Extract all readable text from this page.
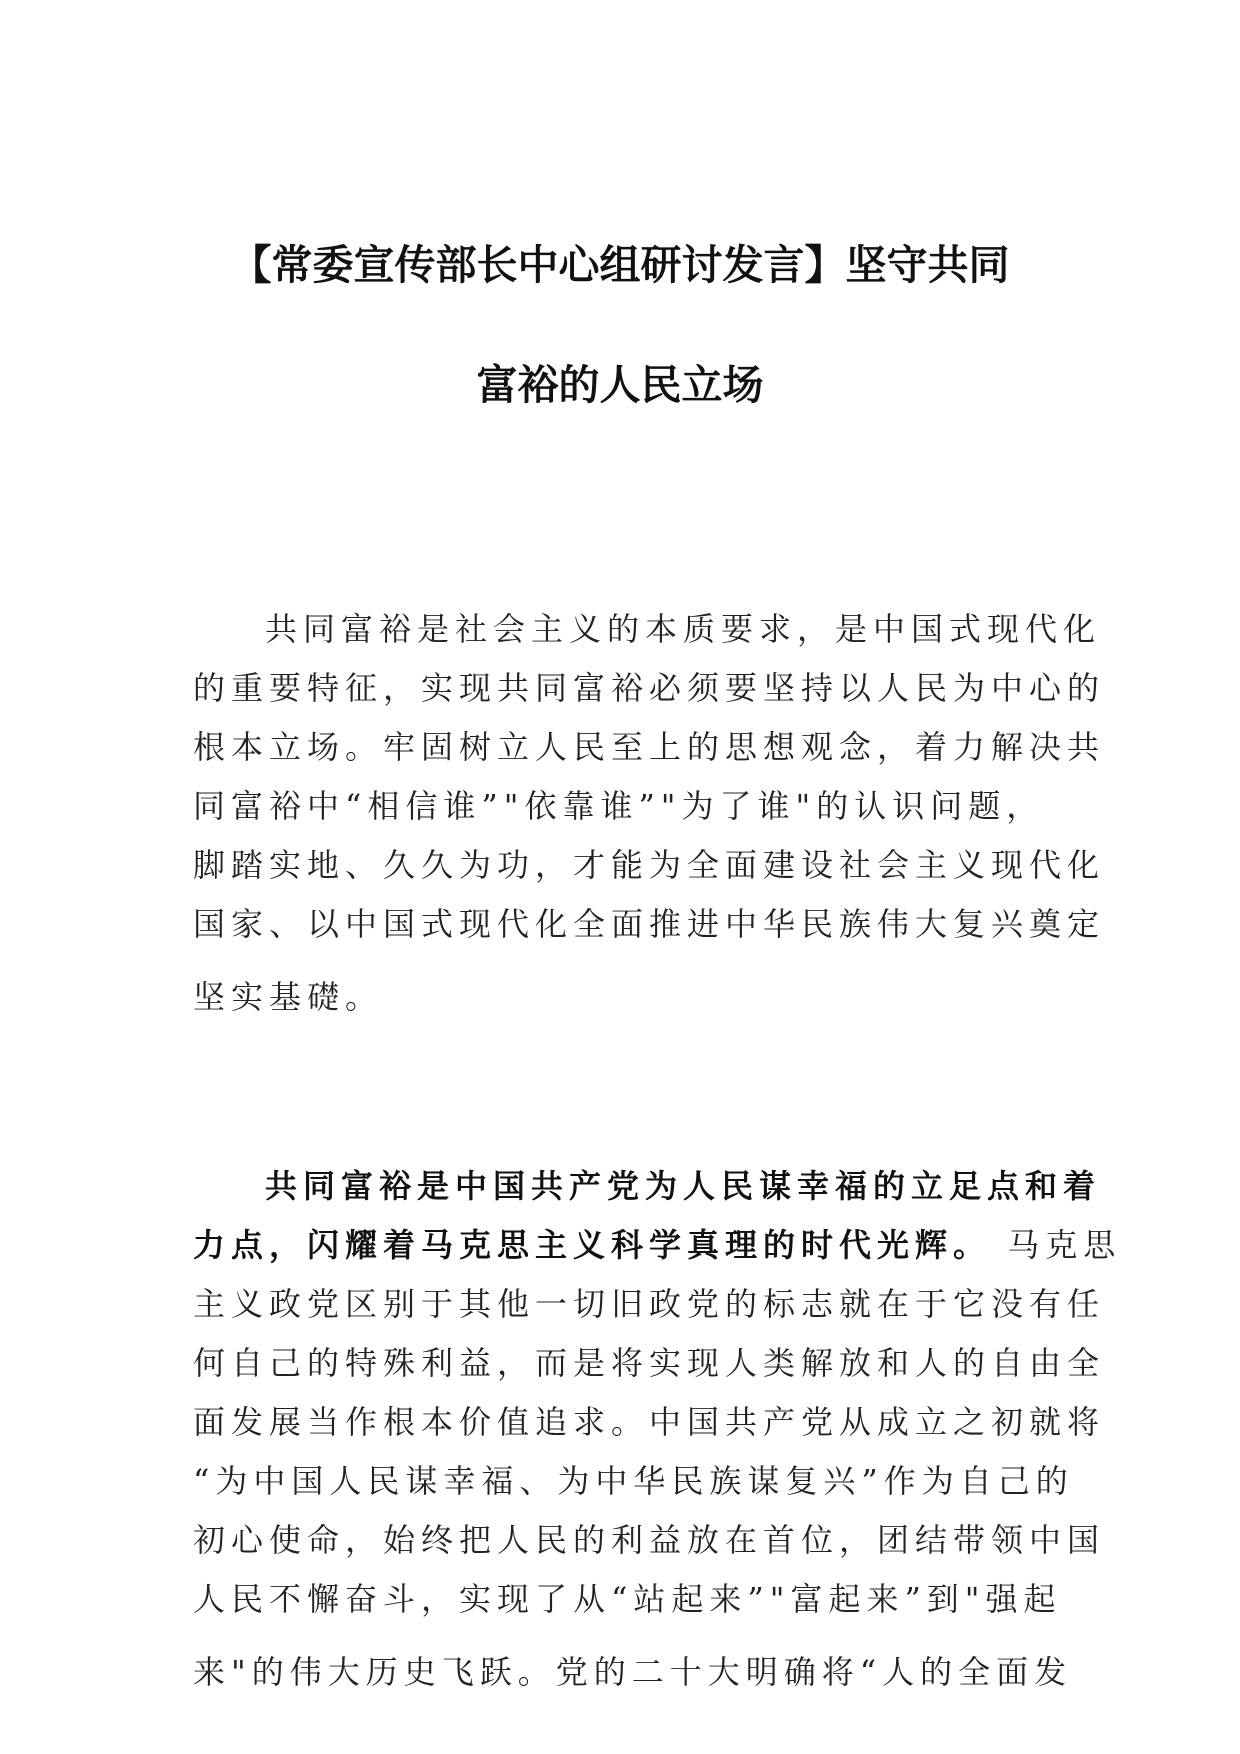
【常委宣传部长中心组研讨发言】坚守共同
富裕的人民立场
共同富裕是社会主义的本质要求，是中国式现代化
的重要特征，实现共同富裕必须要坚持以人民为中心的
根本立场。牢固树立人民至上的思想观念，着力解决共
同富裕中“相信谁”"依靠谁”"为了谁"的认识问题，
脚踏实地、久久为功，才能为全面建设社会主义现代化
国家、以中国式现代化全面推进中华民族伟大复兴奠定
坚实基礎。
共同富裕是中国共产党为人民谋幸福的立足点和着
力点，闪耀着马克思主义科学真理的时代光辉。 马克思
主义政党区别于其他一切旧政党的标志就在于它没有任
何自己的特殊利益，而是将实现人类解放和人的自由全
面发展当作根本价值追求。中国共产党从成立之初就将
“为中国人民谋幸福、为中华民族谋复兴”作为自己的
初心使命，始终把人民的利益放在首位，团结带领中国
人民不懈奋斗，实现了从“站起来”"富起来”到"强起
来"的伟大历史飞跃。党的二十大明确将“人的全面发
